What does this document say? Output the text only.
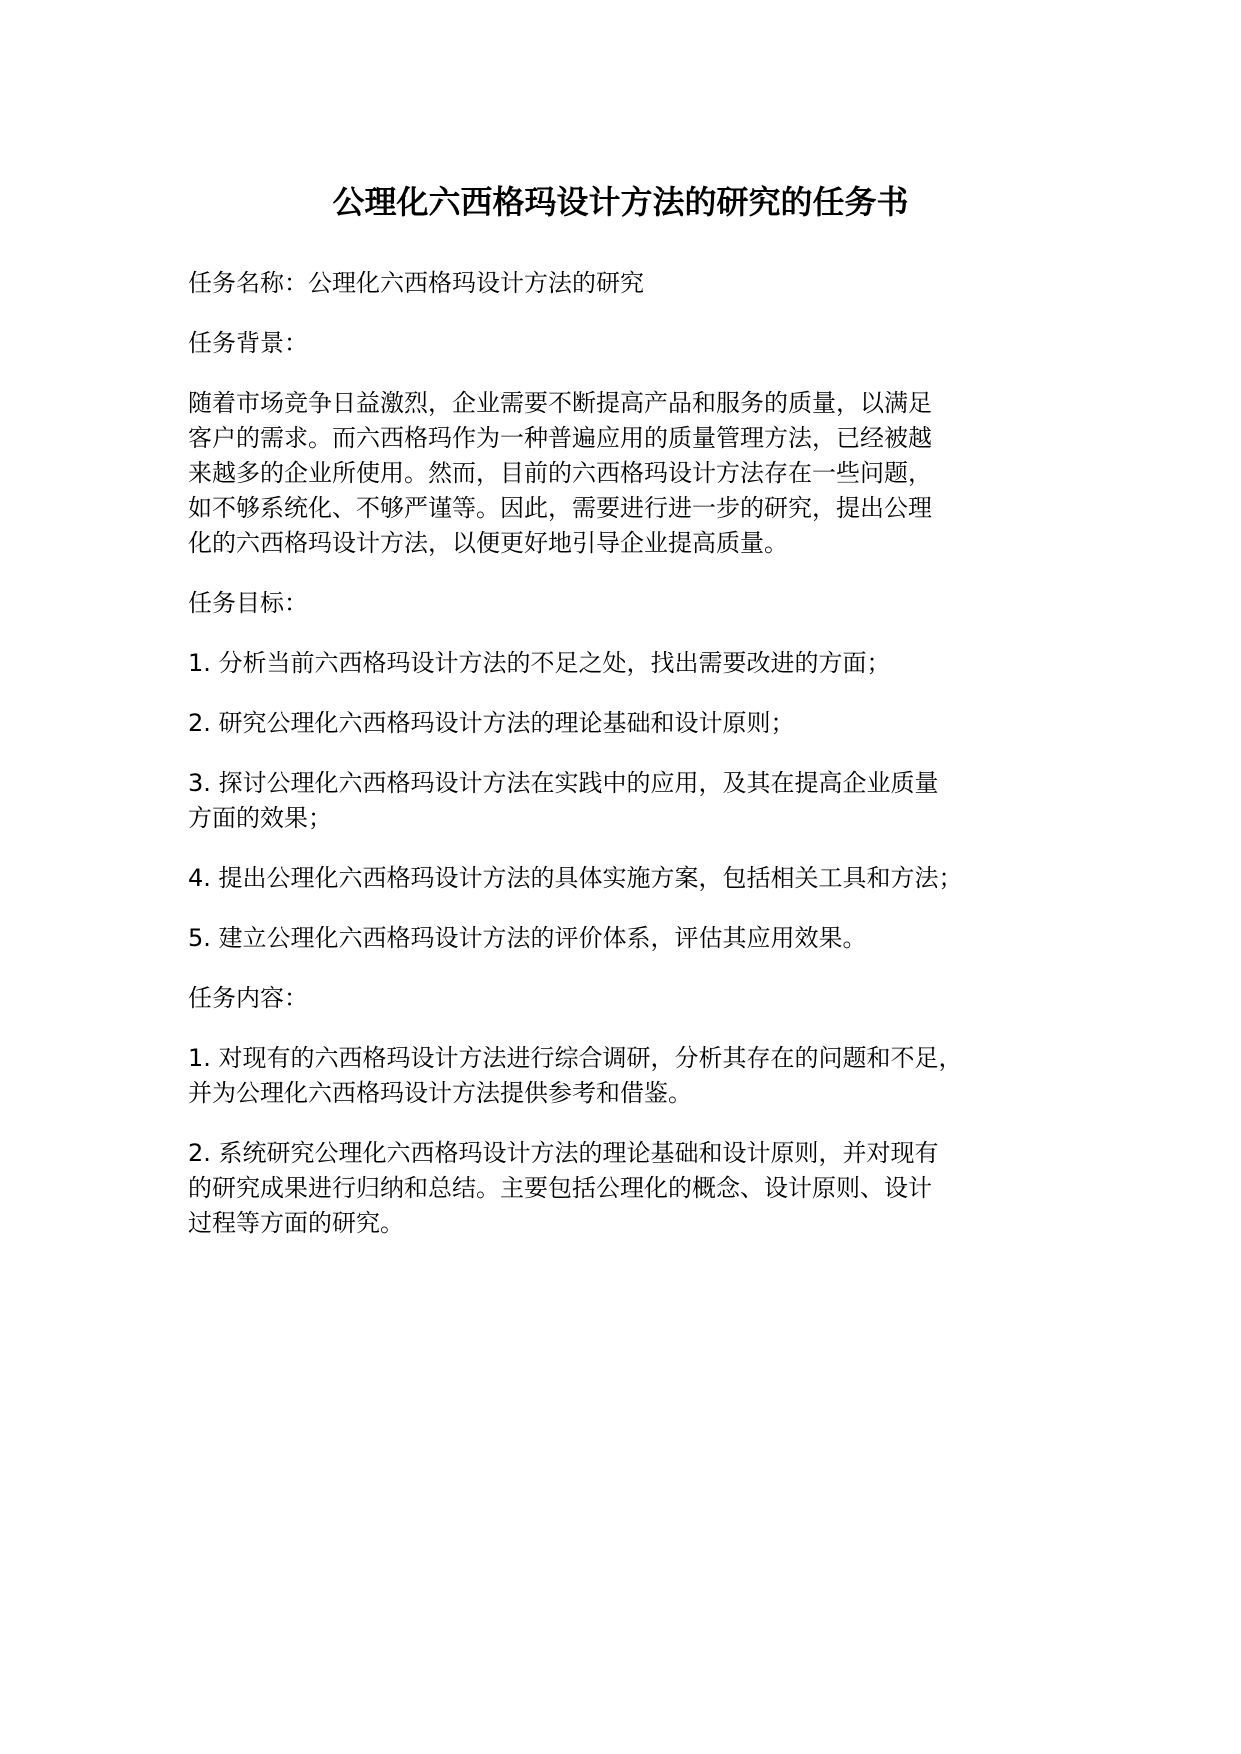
公理化六西格玛设计方法的研究的任务书
任务名称：公理化六西格玛设计方法的研究
任务背景：
随着市场竞争日益激烈，企业需要不断提高产品和服务的质量，以满足
客户的需求。而六西格玛作为一种普遍应用的质量管理方法，已经被越
来越多的企业所使用。然而，目前的六西格玛设计方法存在一些问题，
如不够系统化、不够严谨等。因此，需要进行进一步的研究，提出公理
化的六西格玛设计方法，以便更好地引导企业提高质量。
任务目标：
1. 分析当前六西格玛设计方法的不足之处，找出需要改进的方面；
2. 研究公理化六西格玛设计方法的理论基础和设计原则；
3. 探讨公理化六西格玛设计方法在实践中的应用，及其在提高企业质量
方面的效果；
4. 提出公理化六西格玛设计方法的具体实施方案，包括相关工具和方法；
5. 建立公理化六西格玛设计方法的评价体系，评估其应用效果。
任务内容：
1. 对现有的六西格玛设计方法进行综合调研，分析其存在的问题和不足，
并为公理化六西格玛设计方法提供参考和借鉴。
2. 系统研究公理化六西格玛设计方法的理论基础和设计原则，并对现有
的研究成果进行归纳和总结。主要包括公理化的概念、设计原则、设计
过程等方面的研究。
